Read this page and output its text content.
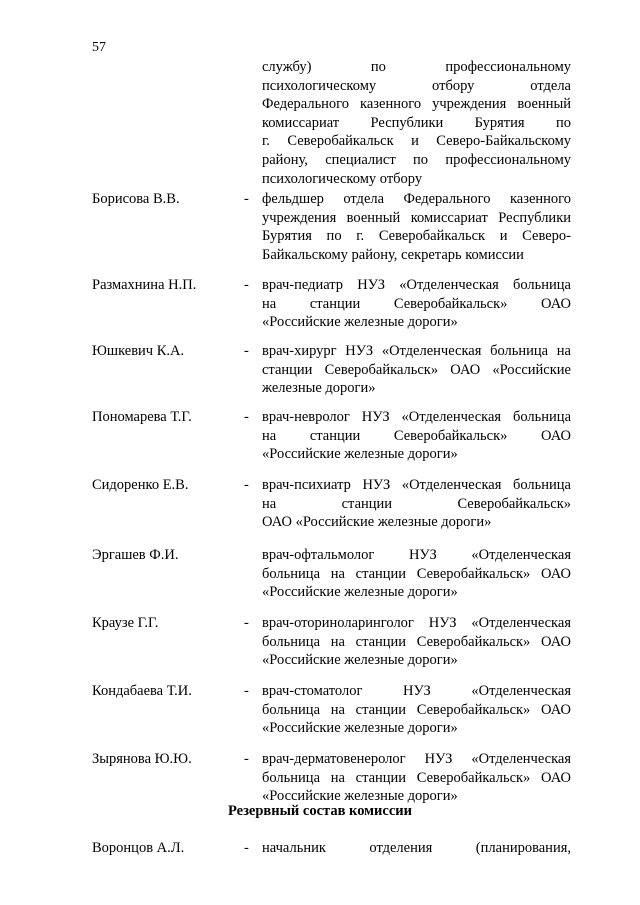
57
службу) по профессиональному
психологическому отбору отдела
Федерального казенного учреждения военный
комиссариат Республики Бурятия по
г. Северобайкальск и Северо-Байкальскому
району, специалист по профессиональному
психологическому отбору
Борисова В.В.	- фельдшер отдела Федерального казенного
учреждения военный комиссариат Республики
Бурятия по г. Северобайкальск и Северо-
Байкальскому району, секретарь комиссии
Размахнина Н.П.	- врач-педиатр НУЗ «Отделенческая больница
на станции Северобайкальск» ОАО
«Российские железные дороги»
Юшкевич К.А.	- врач-хирург НУЗ «Отделенческая больница на
станции Северобайкальск» ОАО «Российские
железные дороги»
Пономарева Т.Г.	- врач-невролог НУЗ «Отделенческая больница
на станции Северобайкальск» ОАО
«Российские железные дороги»
Сидоренко Е.В.	- врач-психиатр НУЗ «Отделенческая больница
на станции Северобайкальск»
ОАО «Российские железные дороги»
Эргашев Ф.И.	врач-офтальмолог НУЗ «Отделенческая
больница на станции Северобайкальск» ОАО
«Российские железные дороги»
Краузе Г.Г.	- врач-оториноларинголог НУЗ «Отделенческая
больница на станции Северобайкальск» ОАО
«Российские железные дороги»
Кондабаева Т.И.	- врач-стоматолог НУЗ «Отделенческая
больница на станции Северобайкальск» ОАО
«Российские железные дороги»
Зырянова Ю.Ю.	- врач-дерматовенеролог НУЗ «Отделенческая
больница на станции Северобайкальск» ОАО
«Российские железные дороги»
Резервный состав комиссии
Воронцов А.Л.	- начальник отделения (планирования,
